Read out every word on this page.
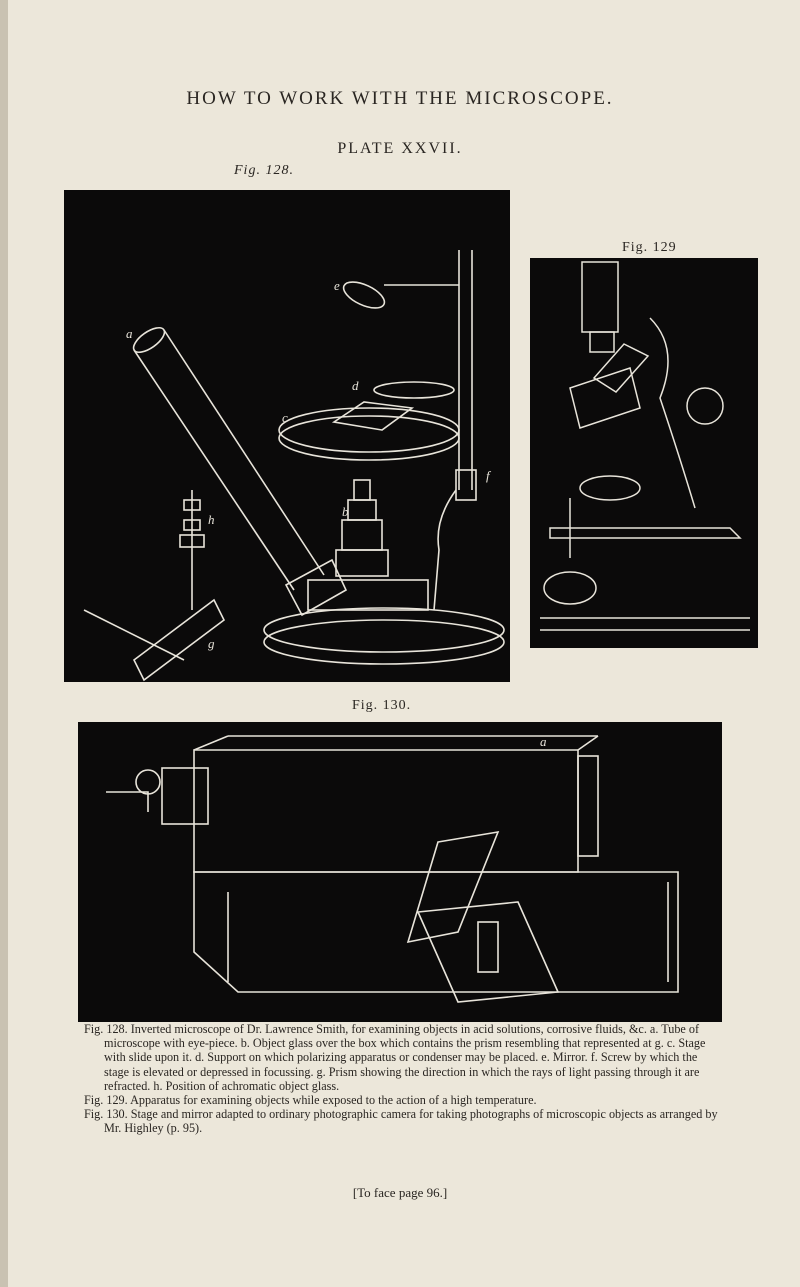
HOW TO WORK WITH THE MICROSCOPE.
PLATE XXVII.
Fig. 128.
a
b
c
d
e
f
g
h
Fig. 129
Fig. 130.
a

Fig. 128. Inverted microscope of Dr. Lawrence Smith, for examining objects in acid solutions, corrosive fluids, &c. a. Tube of microscope with eye-piece. b. Object glass over the box which contains the prism resembling that represented at g. c. Stage with slide upon it. d. Support on which polarizing apparatus or condenser may be placed. e. Mirror. f. Screw by which the stage is elevated or depressed in focussing. g. Prism showing the direction in which the rays of light passing through it are refracted. h. Position of achromatic object glass.

Fig. 129. Apparatus for examining objects while exposed to the action of a high temperature.

Fig. 130. Stage and mirror adapted to ordinary photographic camera for taking photographs of microscopic objects as arranged by Mr. Highley (p. 95).

[To face page 96.]
